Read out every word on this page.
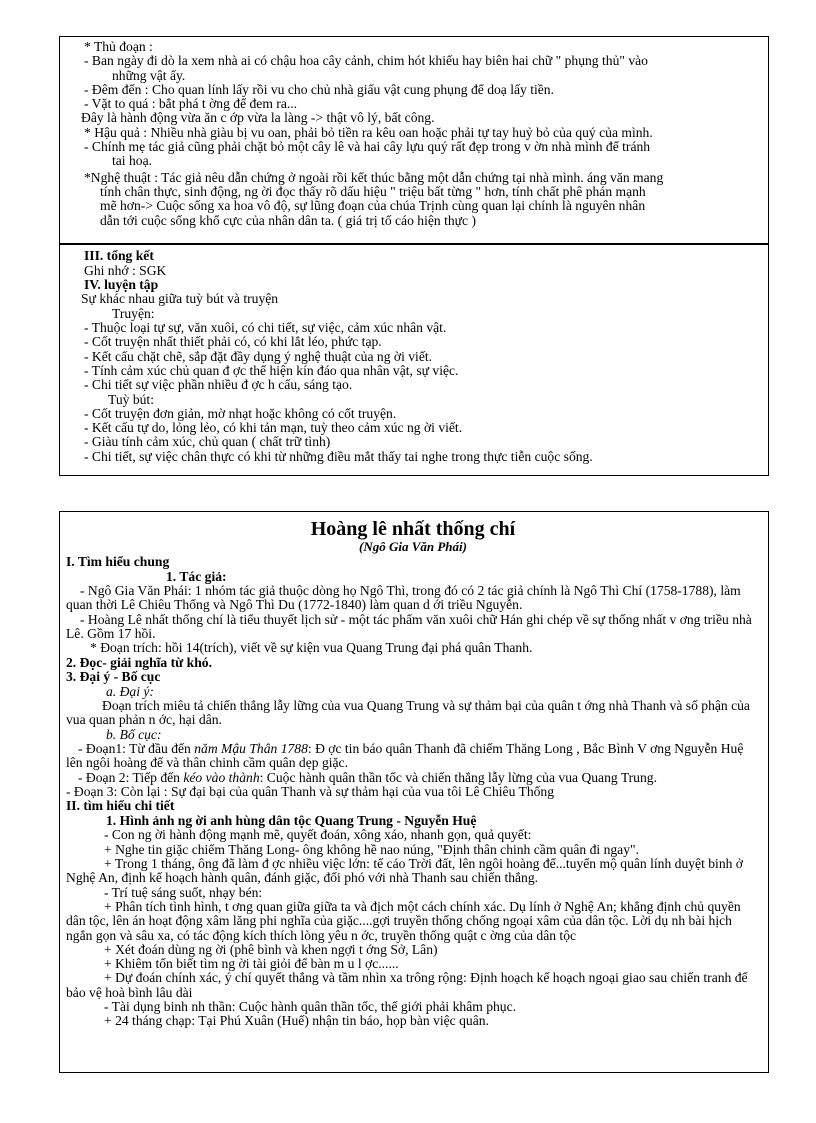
* Thủ đoạn :
- Ban ngày đi dò la xem nhà ai có chậu hoa cây cảnh, chim hót khiếu hay biên hai chữ " phụng thủ" vào
những vật ấy.
- Đêm đến : Cho quan lính lấy rồi vu cho chủ nhà giấu vật cung phụng để doạ lấy tiền.
- Vặt to quá : bắt phá t ờng để đem ra...
Đây là hành động vừa ăn c ớp vừa la làng -> thật vô lý, bất công.
* Hậu quả : Nhiều nhà giàu bị vu oan, phải bỏ tiền ra kêu oan hoặc phải tự tay huỷ bỏ của quý của mình.
- Chính mẹ tác giả cũng phải chặt bỏ một cây lê và hai cây lựu quý rất đẹp trong v ờn nhà mình để tránh
tai hoạ.
*Nghệ thuật : Tác giả nêu dẫn chứng ở ngoài rồi kết thúc bằng một dẫn chứng tại nhà mình. áng văn mang
tính chân thực, sinh động, ng ời đọc thấy rõ dấu hiệu " triệu bất từng " hơn, tính chất phê phán mạnh
mẽ hơn-> Cuộc sống xa hoa vô độ, sự lũng đoạn của chúa Trịnh cùng quan lại chính là nguyên nhân
dẫn tới cuộc sống khổ cực của nhân dân ta. ( giá trị tố cáo hiện thực )
III. tổng kết
Ghi nhớ : SGK
IV. luyện tập
Sự khác nhau giữa tuỳ bút và truyện
Truyện:
- Thuộc loại tự sự, văn xuôi, có chi tiết, sự việc, cảm xúc nhân vật.
- Cốt truyện nhất thiết phải có, có khi lắt léo, phức tạp.
- Kết cấu chặt chẽ, sắp đặt đầy dụng ý nghệ thuật của ng ời viết.
- Tính cảm xúc chủ quan đ ợc thể hiện kín đáo qua nhân vật, sự việc.
- Chi tiết sự việc phần nhiều đ ợc h cấu, sáng tạo.
Tuỳ bút:
- Cốt truyện đơn giản, mờ nhạt hoặc không có cốt truyện.
- Kết cấu tự do, lỏng lẻo, có khi tản mạn, tuỳ theo cảm xúc ng ời viết.
- Giàu tính cảm xúc, chủ quan ( chất trữ tình)
- Chi tiết, sự việc chân thực có khi từ những điều mắt thấy tai nghe trong thực tiễn cuộc sống.
Hoàng lê nhất thống chí
(Ngô Gia Văn Phái)
I. Tìm hiểu chung
1. Tác giả:
- Ngô Gia Văn Phái: 1 nhóm tác giả thuộc dòng họ Ngô Thì, trong đó có 2 tác giả chính là Ngô Thì Chí (1758-1788), làm quan thời Lê Chiêu Thống và Ngô Thì Du (1772-1840) làm quan d ới triều Nguyễn.
- Hoàng Lê nhất thống chí là tiểu thuyết lịch sử - một tác phẩm văn xuôi chữ Hán ghi chép về sự thống nhất v ơng triều nhà Lê. Gồm 17 hồi.
* Đoạn trích: hồi 14(trích), viết về sự kiện vua Quang Trung đại phá quân Thanh.
2. Đọc- giải nghĩa từ khó.
3. Đại ý - Bố cục
a. Đại ý:
Đoạn trích miêu tả chiến thắng lẫy lững của vua Quang Trung và sự thảm bại của quân t ớng nhà Thanh và số phận của vua quan phản n ớc, hại dân.
b. Bố cục:
- Đoạn1: Từ đầu đến năm Mậu Thân 1788: Đ ợc tin báo quân Thanh đã chiếm Thăng Long , Bắc Bình V ơng Nguyễn Huệ lên ngôi hoàng đế và thân chinh cầm quân dẹp giặc.
- Đoạn 2: Tiếp đến kéo vào thành: Cuộc hành quân thần tốc và chiến thắng lẫy lừng của vua Quang Trung.
- Đoạn 3: Còn lại : Sự đại bại của quân Thanh và sự thảm hại của vua tôi Lê Chiêu Thống
II. tìm hiểu chi tiết
1. Hình ảnh ng ời anh hùng dân tộc Quang Trung - Nguyễn Huệ
- Con ng ời hành động mạnh mẽ, quyết đoán, xông xáo, nhanh gọn, quả quyết:
+ Nghe tin giặc chiếm Thăng Long- ông không hề nao núng, "Định thân chinh cầm quân đi ngay".
+ Trong 1 tháng, ông đã làm đ ợc nhiều việc lớn: tế cáo Trời đất, lên ngôi hoàng đế...tuyển mộ quân lính duyệt binh ở Nghệ An, định kế hoạch hành quân, đánh giặc, đối phó với nhà Thanh sau chiến thắng.
- Trí tuệ sáng suốt, nhạy bén:
+ Phân tích tình hình, t ơng quan giữa giữa ta và địch một cách chính xác. Dụ lính ở Nghệ An; khẳng định chủ quyền dân tộc, lên án hoạt động xâm lăng phi nghĩa của giặc....gợi truyền thống chống ngoại xâm của dân tộc. Lời dụ nh bài hịch ngắn gọn và sâu xa, có tác động kích thích lòng yêu n ớc, truyền thống quật c ờng của dân tộc
+ Xét đoán dùng ng ời (phê bình và khen ngợi t ớng Sở, Lân)
+ Khiêm tốn biết tìm ng ời tài giỏi để bàn m u l ợc......
+ Dự đoán chính xác, ý chí quyết thắng và tầm nhìn xa trông rộng: Định hoạch kế hoạch ngoại giao sau chiến tranh để bảo vệ hoà bình lâu dài
- Tài dụng binh nh thần: Cuộc hành quân thần tốc, thế giới phải khâm phục.
+ 24 tháng chạp: Tại Phú Xuân (Huế) nhận tin báo, họp bàn việc quân.
